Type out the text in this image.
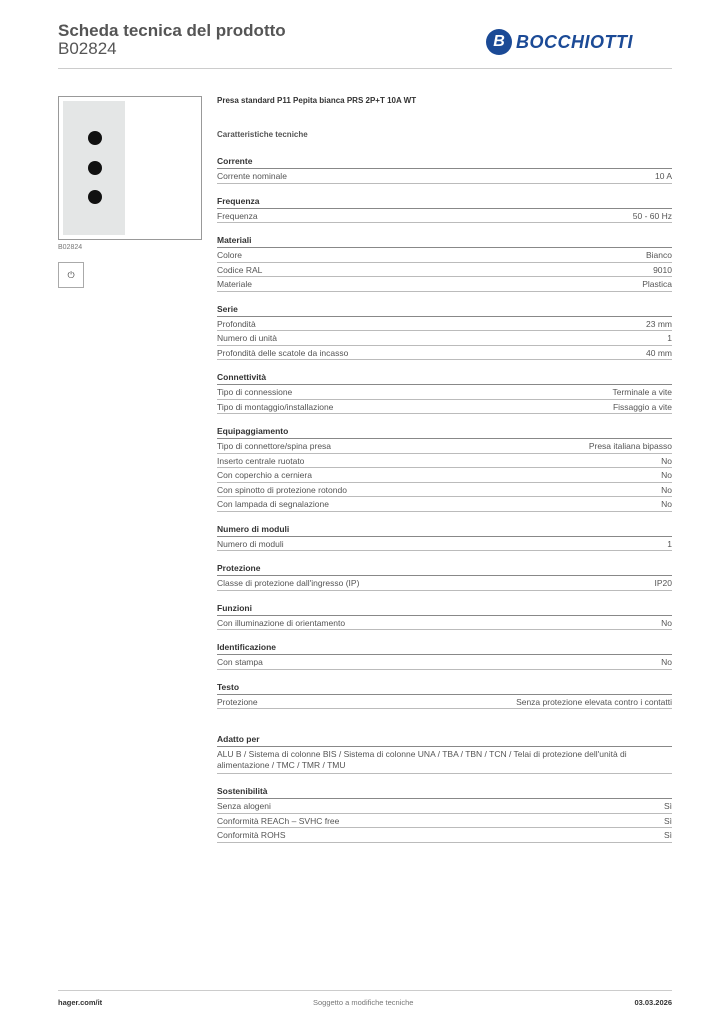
Scheda tecnica del prodotto
B02824	B BOCCHIOTTI
B02824
⏻
Presa standard P11 Pepita bianca PRS 2P+T 10A WT
Caratteristiche tecniche
Corrente
Corrente nominale	10 A
Frequenza
Frequenza	50 - 60 Hz
Materiali
Colore	Bianco
Codice RAL	9010
Materiale	Plastica
Serie
Profondità	23 mm
Numero di unità	1
Profondità delle scatole da incasso	40 mm
Connettività
Tipo di connessione	Terminale a vite
Tipo di montaggio/installazione	Fissaggio a vite
Equipaggiamento
Tipo di connettore/spina presa	Presa italiana bipasso
Inserto centrale ruotato	No
Con coperchio a cerniera	No
Con spinotto di protezione rotondo	No
Con lampada di segnalazione	No
Numero di moduli
Numero di moduli	1
Protezione
Classe di protezione dall'ingresso (IP)	IP20
Funzioni
Con illuminazione di orientamento	No
Identificazione
Con stampa	No
Testo
Protezione	Senza protezione elevata contro i contatti
Adatto per
ALU B / Sistema di colonne BIS / Sistema di colonne UNA / TBA / TBN / TCN / Telai di protezione dell'unità di alimentazione / TMC / TMR / TMU
Sostenibilità
Senza alogeni	Sì
Conformità REACh – SVHC free	Sì
Conformità ROHS	Sì
hager.com/it	Soggetto a modifiche tecniche	03.03.2026
